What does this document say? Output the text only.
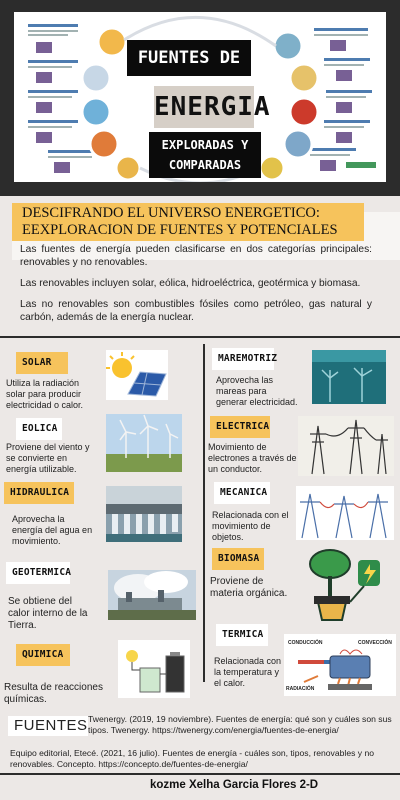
FUENTES DE
ENERGIA
EXPLORADAS Y
COMPARADAS
DESCIFRANDO EL UNIVERSO ENERGETICO:
EEXPLORACION DE FUENTES Y POTENCIALES

Las fuentes de energía pueden clasificarse en dos categorías principales: renovables y no renovables.

Las renovables incluyen solar, eólica, hidroeléctrica, geotérmica y biomasa.

Las no renovables son combustibles fósiles como petróleo, gas natural y carbón, además de la energía nuclear.

SOLAR
Utiliza la radiación solar para producir electricidad o calor.
EOLICA
Proviene del viento y se convierte en energía utilizable.
HIDRAULICA
Aprovecha la energía del agua en movimiento.
GEOTERMICA
Se obtiene del calor interno de la Tierra.
QUIMICA
Resulta de reacciones químicas.
MAREMOTRIZ
Aprovecha las mareas para generar electricidad.
ELECTRICA
Movimiento de electrones a través de un conductor.
MECANICA
Relacionada con el movimiento de objetos.
BIOMASA
Proviene de materia orgánica.
TERMICA
Relacionada con la temperatura y el calor.
CONDUCCIÓN	CONVECCIÓN
RADIACIÓN
FUENTES Twenergy. (2019, 19 noviembre). Fuentes de energía: qué son y cuáles son sus tipos. Twenergy. https://twenergy.com/energia/fuentes-de-energia/
Equipo editorial, Etecé. (2021, 16 julio). Fuentes de energía - cuáles son, tipos, renovables y no renovables. Concepto. https://concepto.de/fuentes-de-energia/
kozme Xelha Garcia Flores 2-D
